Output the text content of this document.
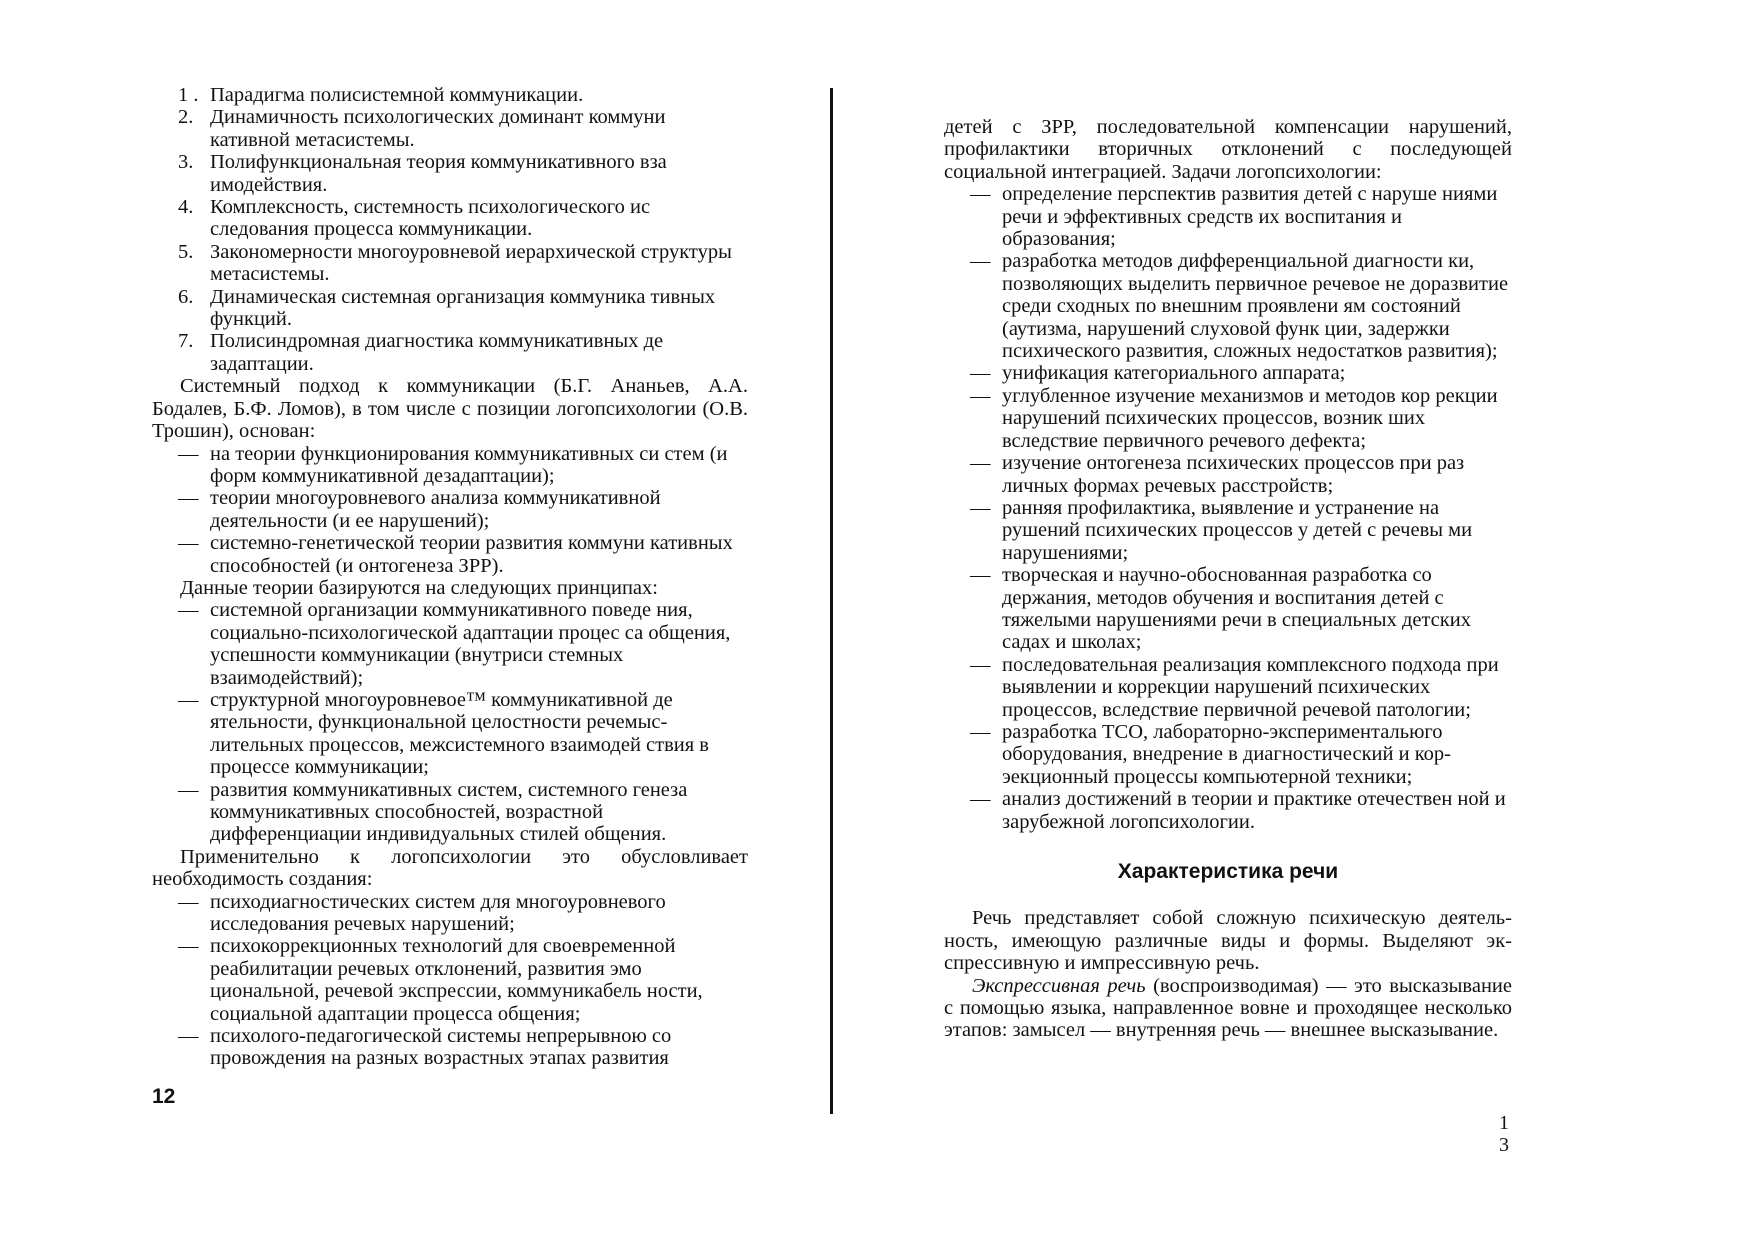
1 . Парадигма полисистемной коммуникации.
2. Динамичность психологических доминант коммуни кативной метасистемы.
3. Полифункциональная теория коммуникативного вза имодействия.
4. Комплексность, системность психологического ис следования процесса коммуникации.
5. Закономерности многоуровневой иерархической структуры метасистемы.
6. Динамическая системная организация коммуника тивных функций.
7. Полисиндромная диагностика коммуникативных де задаптации.

Системный подход к коммуникации (Б.Г. Ананьев, А.А. Бодалев, Б.Ф. Ломов), в том числе с позиции логопсихологии (О.В. Трошин), основан:

— на теории функционирования коммуникативных си стем (и форм коммуникативной дезадаптации);
— теории многоуровневого анализа коммуникативной деятельности (и ее нарушений);
— системно-генетической теории развития коммуни кативных способностей (и онтогенеза ЗРР).

Данные теории базируются на следующих принципах:

— системной организации коммуникативного поведе ния, социально-психологической адаптации процес са общения, успешности коммуникации (внутриси стемных взаимодействий);
— структурной многоуровневое™ коммуникативной де ятельности, функциональной целостности речемыслительных процессов, межсистемного взаимодей ствия в процессе коммуникации;
— развития коммуникативных систем, системного генеза коммуникативных способностей, возрастной дифференциации индивидуальных стилей общения.

Применительно к логопсихологии это обусловливает необходимость создания:

— психодиагностических систем для многоуровневого исследования речевых нарушений;
— психокоррекционных технологий для своевременной реабилитации речевых отклонений, развития эмо циональной, речевой экспрессии, коммуникабель ности, социальной адаптации процесса общения;
— психолого-педагогической системы непрерывною со провождения на разных возрастных этапах развития
12

детей с ЗРР, последовательной компенсации нарушений, профилактики вторичных отклонений с последующей социальной интеграцией. Задачи логопсихологии:

— определение перспектив развития детей с наруше ниями речи и эффективных средств их воспитания и образования;
— разработка методов дифференциальной диагности ки, позволяющих выделить первичное речевое не доразвитие среди сходных по внешним проявлени ям состояний (аутизма, нарушений слуховой функ ции, задержки психического развития, сложных недостатков развития);
— унификация категориального аппарата;
— углубленное изучение механизмов и методов кор рекции нарушений психических процессов, возник ших вследствие первичного речевого дефекта;
— изучение онтогенеза психических процессов при раз личных формах речевых расстройств;
— ранняя профилактика, выявление и устранение на рушений психических процессов у детей с речевы ми нарушениями;
— творческая и научно-обоснованная разработка со держания, методов обучения и воспитания детей с тяжелыми нарушениями речи в специальных детских садах и школах;
— последовательная реализация комплексного подхода при выявлении и коррекции нарушений психических процессов, вследствие первичной речевой патологии;
— разработка ТСО, лабораторно-экспериментальюго оборудования, внедрение в диагностический и корэекционный процессы компьютерной техники;
— анализ достижений в теории и практике отечествен ной и зарубежной логопсихологии.
Характеристика речи

Речь представляет собой сложную психическую деятельность, имеющую различные виды и формы. Выделяют экспрессивную и импрессивную речь.

Экспрессивная речь (воспроизводимая) — это высказывание с помощью языка, направленное вовне и проходящее несколько этапов: замысел — внутренняя речь — внешнее высказывание.

13
